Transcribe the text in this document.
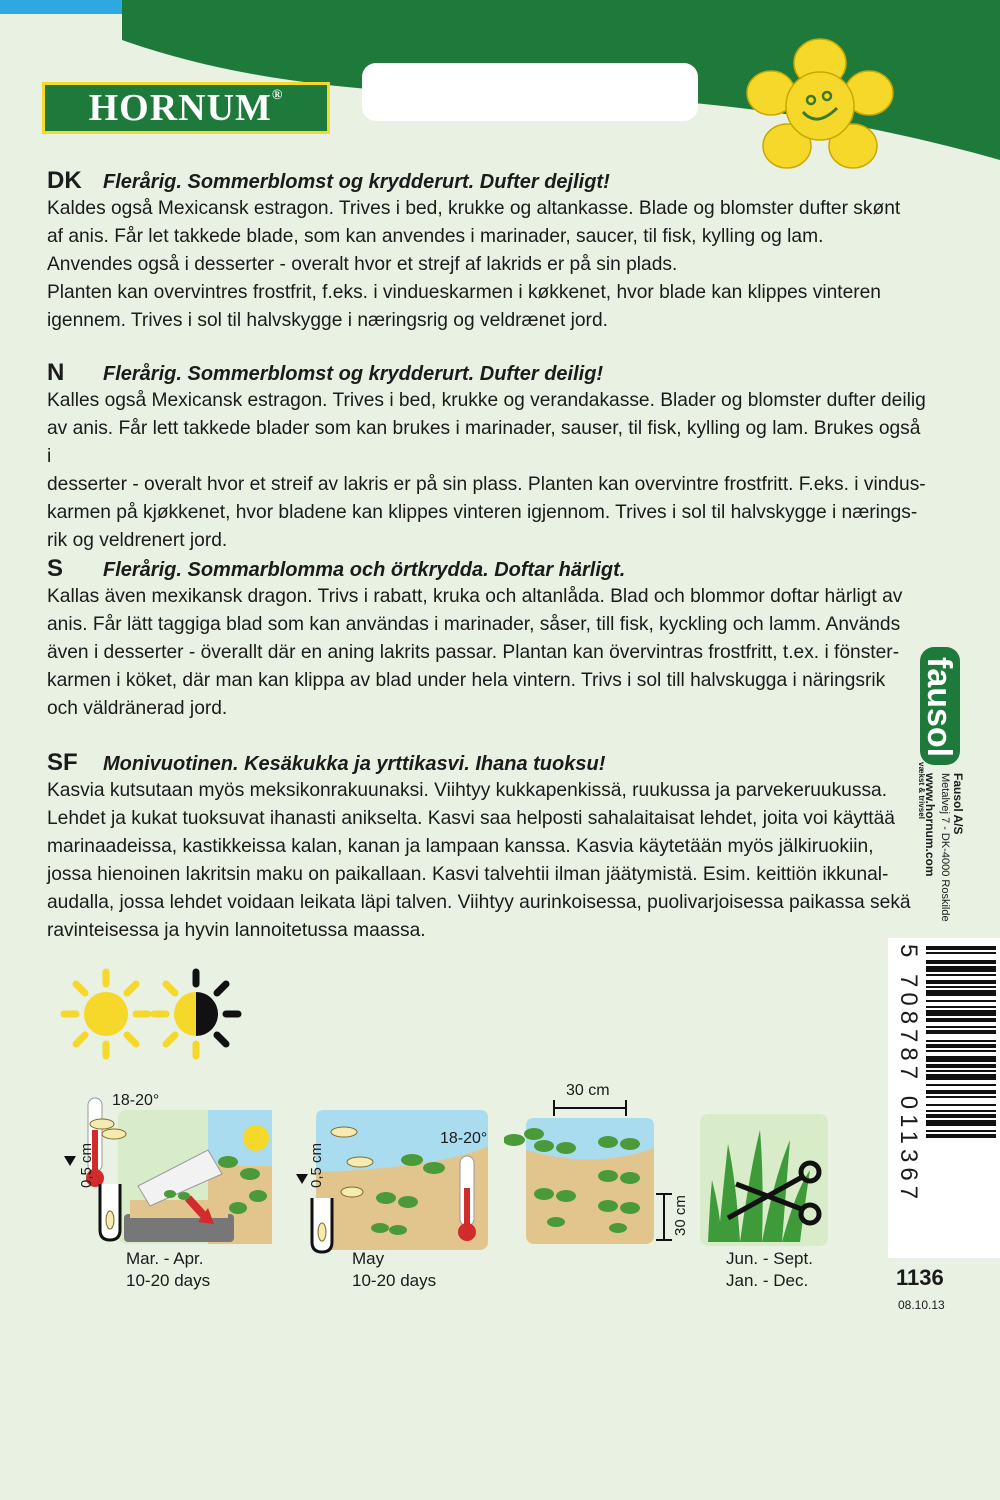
HORNUM ®
DK Flerårig. Sommerblomst og krydderurt. Dufter dejligt!
Kaldes også Mexicansk estragon. Trives i bed, krukke og altankasse. Blade og blomster dufter skønt
af anis. Får let takkede blade, som kan anvendes i marinader, saucer, til fisk, kylling og lam.
Anvendes også i desserter - overalt hvor et strejf af lakrids er på sin plads.
Planten kan overvintres frostfrit, f.eks. i vindueskarmen i køkkenet, hvor blade kan klippes vinteren
igennem. Trives i sol til halvskygge i næringsrig og veldrænet jord.
N Flerårig. Sommerblomst og krydderurt. Dufter deilig!
Kalles også Mexicansk estragon. Trives i bed, krukke og verandakasse. Blader og blomster dufter deilig
av anis. Får lett takkede blader som kan brukes i marinader, sauser, til fisk, kylling og lam. Brukes også i
desserter - overalt hvor et streif av lakris er på sin plass. Planten kan overvintre frostfritt. F.eks. i vindus-
karmen på kjøkkenet, hvor bladene kan klippes vinteren igjennom. Trives i sol til halvskygge i nærings-
rik og veldrenert jord.
S Flerårig. Sommarblomma och örtkrydda. Doftar härligt.
Kallas även mexikansk dragon. Trivs i rabatt, kruka och altanlåda. Blad och blommor doftar härligt av
anis. Får lätt taggiga blad som kan användas i marinader, såser, till fisk, kyckling och lamm. Används
även i desserter - överallt där en aning lakrits passar. Plantan kan övervintras frostfritt, t.ex. i fönster-
karmen i köket, där man kan klippa av blad under hela vintern. Trivs i sol till halvskugga i näringsrik
och väldränerad jord.
SF Monivuotinen. Kesäkukka ja yrttikasvi. Ihana tuoksu!
Kasvia kutsutaan myös meksikonrakuunaksi. Viihtyy kukkapenkissä, ruukussa ja parvekeruukussa.
Lehdet ja kukat tuoksuvat ihanasti anikselta. Kasvi saa helposti sahalaitaisat lehdet, joita voi käyttää
marinaadeissa, kastikkeissa kalan, kanan ja lampaan kanssa. Kasvia käytetään myös jälkiruokiin,
jossa hienoinen lakritsin maku on paikallaan. Kasvi talvehtii ilman jäätymistä. Esim. keittiön ikkunal-
audalla, jossa lehdet voidaan leikata läpi talven. Viihtyy aurinkoisessa, puolivarjoisessa paikassa sekä
ravinteisessa ja hyvin lannoitetussa maassa.
fausol
vækst & trivsel Fausol A/S
Metalvej 7 - DK-4000 Roskilde
www.hornum.com
5 708787 011367
1136
08.10.13
18-20°
0,5 cm
Mar. - Apr.
10-20 days
18-20°
0,5 cm
May
10-20 days
30 cm
30 cm
Jun. - Sept.
Jan. - Dec.
